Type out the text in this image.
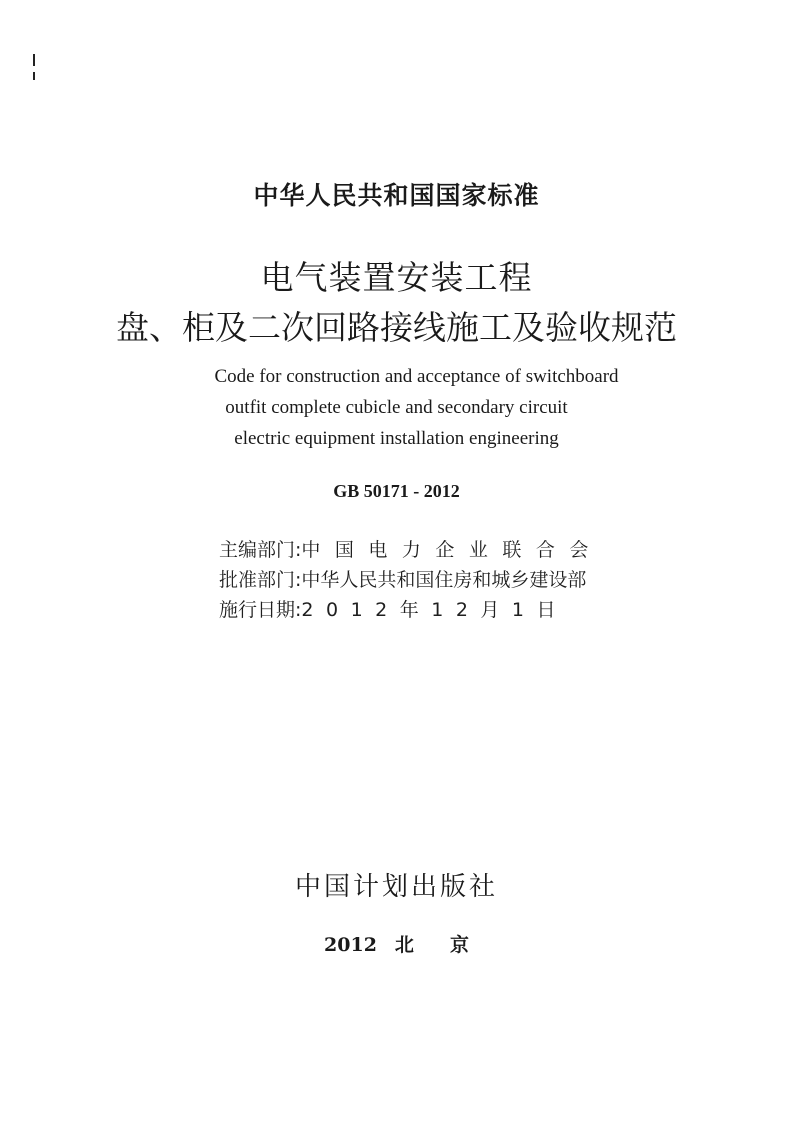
中华人民共和国国家标准
电气装置安装工程
盘、柜及二次回路接线施工及验收规范
Code for construction and acceptance of switchboard
outfit complete cubicle and secondary circuit
electric equipment installation engineering
GB 50171 - 2012
主编部门:中国电力企业联合会
批准部门:中华人民共和国住房和城乡建设部
施行日期:2012年12月1日
中国计划出版社
2012 北 京
